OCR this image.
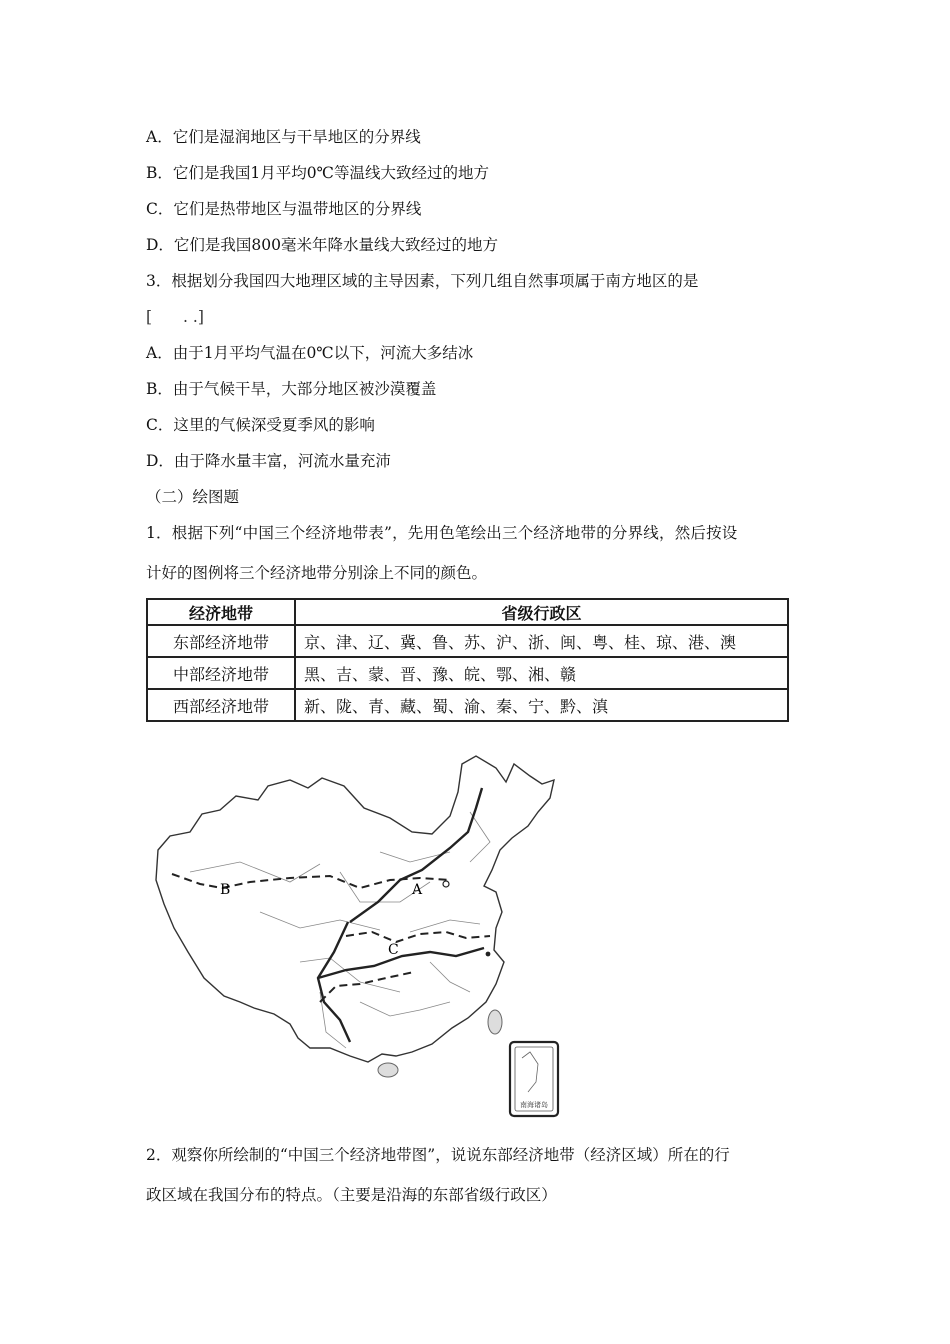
A．它们是湿润地区与干旱地区的分界线
B．它们是我国1月平均0℃等温线大致经过的地方
C．它们是热带地区与温带地区的分界线
D．它们是我国800毫米年降水量线大致经过的地方
3．根据划分我国四大地理区域的主导因素，下列几组自然事项属于南方地区的是
[　　. .]
A．由于1月平均气温在0℃以下，河流大多结冰
B．由于气候干旱，大部分地区被沙漠覆盖
C．这里的气候深受夏季风的影响
D．由于降水量丰富，河流水量充沛
（二）绘图题
1．根据下列“中国三个经济地带表”，先用色笔绘出三个经济地带的分界线，然后按设
计好的图例将三个经济地带分别涂上不同的颜色。
经济地带	省级行政区
东部经济地带	京、津、辽、冀、鲁、苏、沪、浙、闽、粤、桂、琼、港、澳
中部经济地带	黑、吉、蒙、晋、豫、皖、鄂、湘、赣
西部经济地带	新、陇、青、藏、蜀、渝、秦、宁、黔、滇
A
B
C
南海诸岛
2．观察你所绘制的“中国三个经济地带图”，说说东部经济地带（经济区域）所在的行
政区域在我国分布的特点。（主要是沿海的东部省级行政区）
